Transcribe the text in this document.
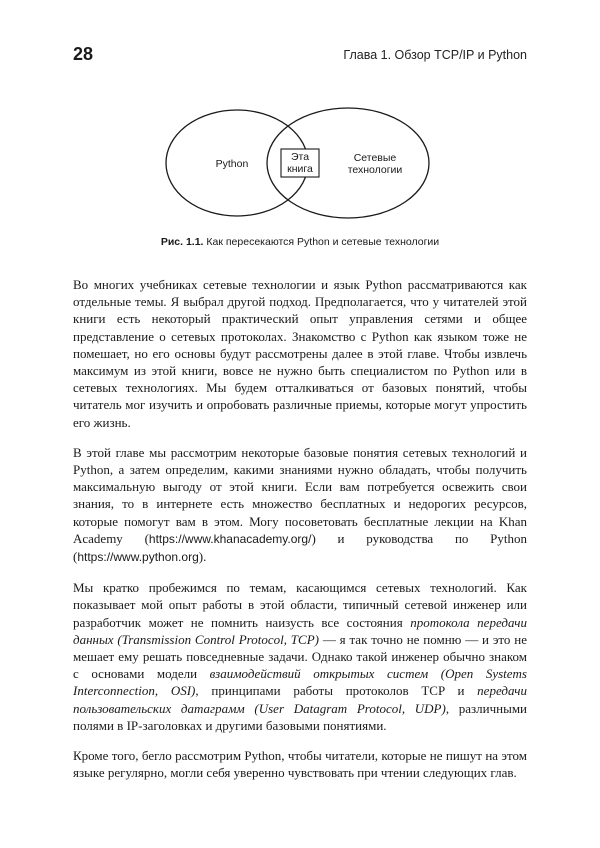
28	Глава 1. Обзор TCP/IP и Python
Python	Сетевые
технологии
Эта
книга
Рис. 1.1. Как пересекаются Python и сетевые технологии

Во многих учебниках сетевые технологии и язык Python рассматриваются как отдельные темы. Я выбрал другой подход. Предполагается, что у читателей этой книги есть некоторый практический опыт управления сетями и общее представление о сетевых протоколах. Знакомство с Python как языком тоже не помешает, но его основы будут рассмотрены далее в этой главе. Чтобы извлечь максимум из этой книги, вовсе не нужно быть специалистом по Python или в сетевых технологиях. Мы будем отталкиваться от базовых понятий, чтобы читатель мог изучить и опробовать различные приемы, которые могут упростить его жизнь.

В этой главе мы рассмотрим некоторые базовые понятия сетевых технологий и Python, а затем определим, какими знаниями нужно обладать, чтобы получить максимальную выгоду от этой книги. Если вам потребуется освежить свои знания, то в интернете есть множество бесплатных и недорогих ресурсов, которые помогут вам в этом. Могу посоветовать бесплатные лекции на Khan Academy (https://www.khanacademy.org/) и руководства по Python (https://www.python.org).

Мы кратко пробежимся по темам, касающимся сетевых технологий. Как показывает мой опыт работы в этой области, типичный сетевой инженер или разработчик может не помнить наизусть все состояния протокола передачи данных (Transmission Control Protocol, TCP) — я так точно не помню — и это не мешает ему решать повседневные задачи. Однако такой инженер обычно знаком с основами модели взаимодействий открытых систем (Open Systems Interconnection, OSI), принципами работы протоколов TCP и передачи пользовательских датаграмм (User Datagram Protocol, UDP), различными полями в IP-заголовках и другими базовыми понятиями.

Кроме того, бегло рассмотрим Python, чтобы читатели, которые не пишут на этом языке регулярно, могли себя уверенно чувствовать при чтении следующих глав.
